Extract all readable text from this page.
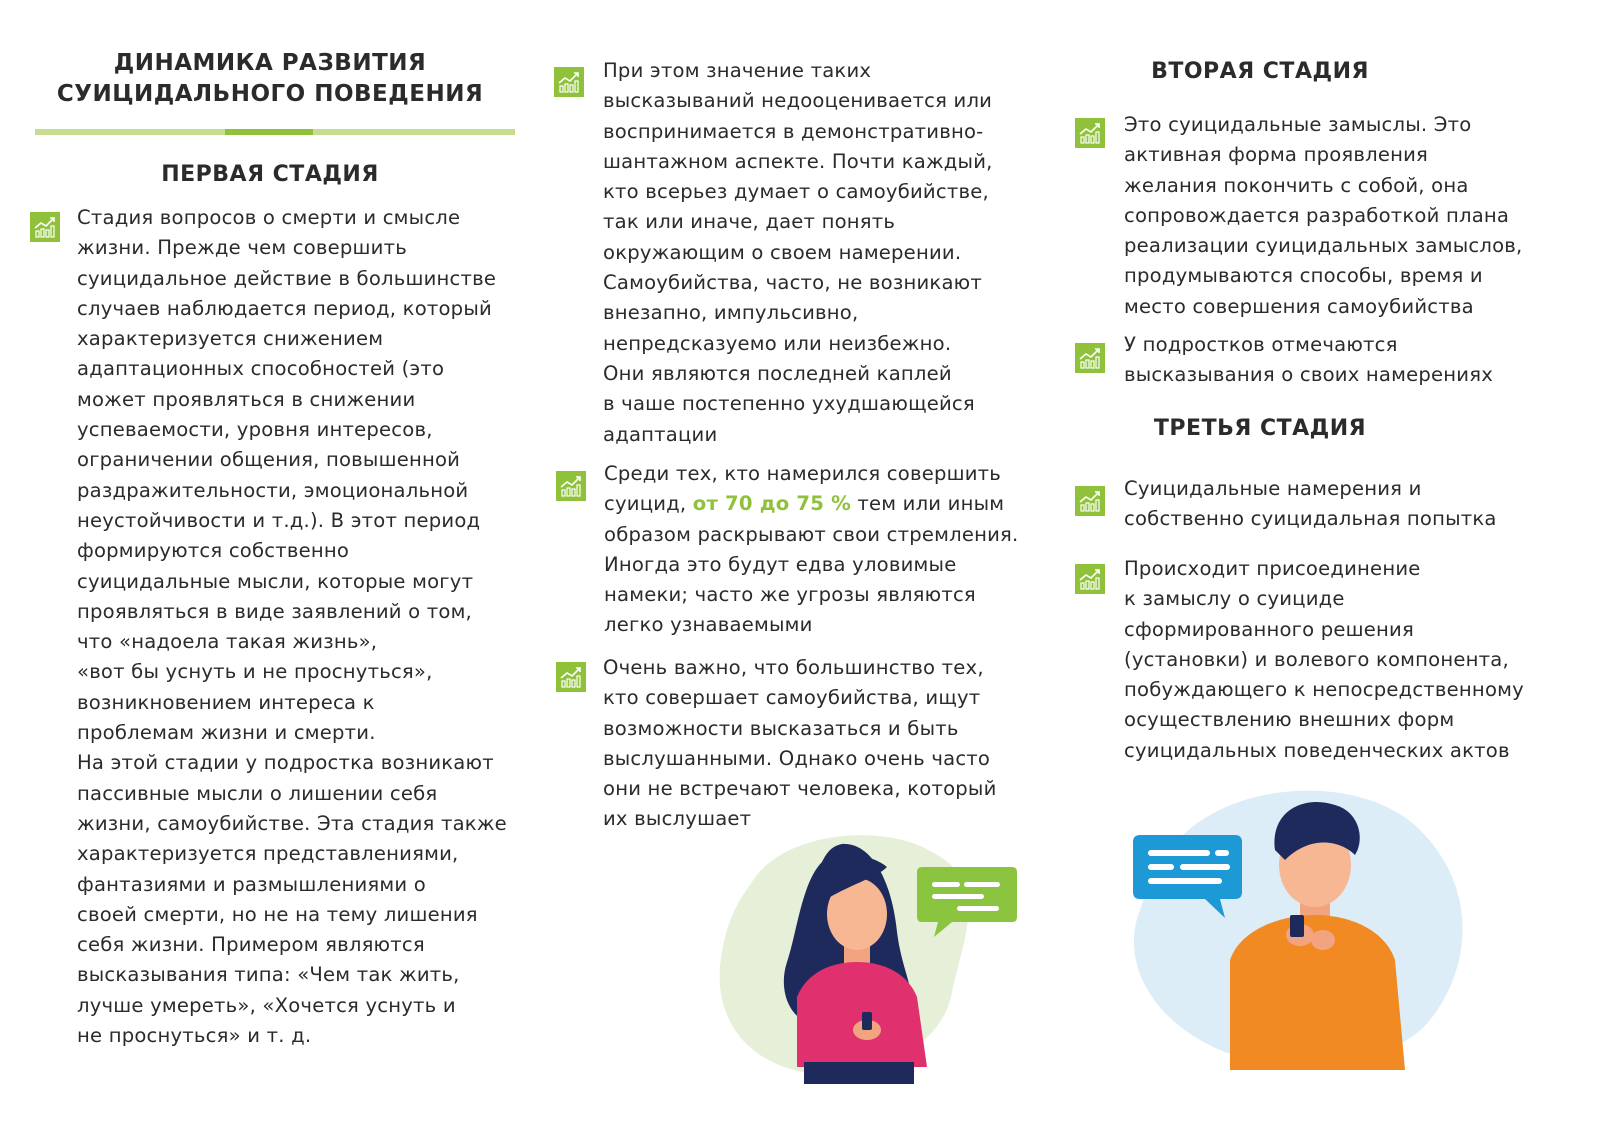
ДИНАМИКА РАЗВИТИЯ
СУИЦИДАЛЬНОГО ПОВЕДЕНИЯ
ПЕРВАЯ СТАДИЯ
Стадия вопросов о смерти и смысле
жизни. Прежде чем совершить
суицидальное действие в большинстве
случаев наблюдается период, который
характеризуется снижением
адаптационных способностей (это
может проявляться в снижении
успеваемости, уровня интересов,
ограничении общения, повышенной
раздражительности, эмоциональной
неустойчивости и т.д.). В этот период
формируются собственно
суицидальные мысли, которые могут
проявляться в виде заявлений о том,
что «надоела такая жизнь»,
«вот бы уснуть и не проснуться»,
возникновением интереса к
проблемам жизни и смерти.
На этой стадии у подростка возникают
пассивные мысли о лишении себя
жизни, самоубийстве. Эта стадия также
характеризуется представлениями,
фантазиями и размышлениями о
своей смерти, но не на тему лишения
себя жизни. Примером являются
высказывания типа: «Чем так жить,
лучше умереть», «Хочется уснуть и
не проснуться» и т. д.
При этом значение таких
высказываний недооценивается или
воспринимается в демонстративно-
шантажном аспекте. Почти каждый,
кто всерьез думает о самоубийстве,
так или иначе, дает понять
окружающим о своем намерении.
Самоубийства, часто, не возникают
внезапно, импульсивно,
непредсказуемо или неизбежно.
Они являются последней каплей
в чаше постепенно ухудшающейся
адаптации
Среди тех, кто намерился совершить
суицид, от 70 до 75 % тем или иным
образом раскрывают свои стремления.
Иногда это будут едва уловимые
намеки; часто же угрозы являются
легко узнаваемыми
Очень важно, что большинство тех,
кто совершает самоубийства, ищут
возможности высказаться и быть
выслушанными. Однако очень часто
они не встречают человека, который
их выслушает
ВТОРАЯ СТАДИЯ
Это суицидальные замыслы. Это
активная форма проявления
желания покончить с собой, она
сопровождается разработкой плана
реализации суицидальных замыслов,
продумываются способы, время и
место совершения самоубийства
У подростков отмечаются
высказывания о своих намерениях
ТРЕТЬЯ СТАДИЯ
Суицидальные намерения и
собственно суицидальная попытка
Происходит присоединение
к замыслу о суициде
сформированного решения
(установки) и волевого компонента,
побуждающего к непосредственному
осуществлению внешних форм
суицидальных поведенческих актов
